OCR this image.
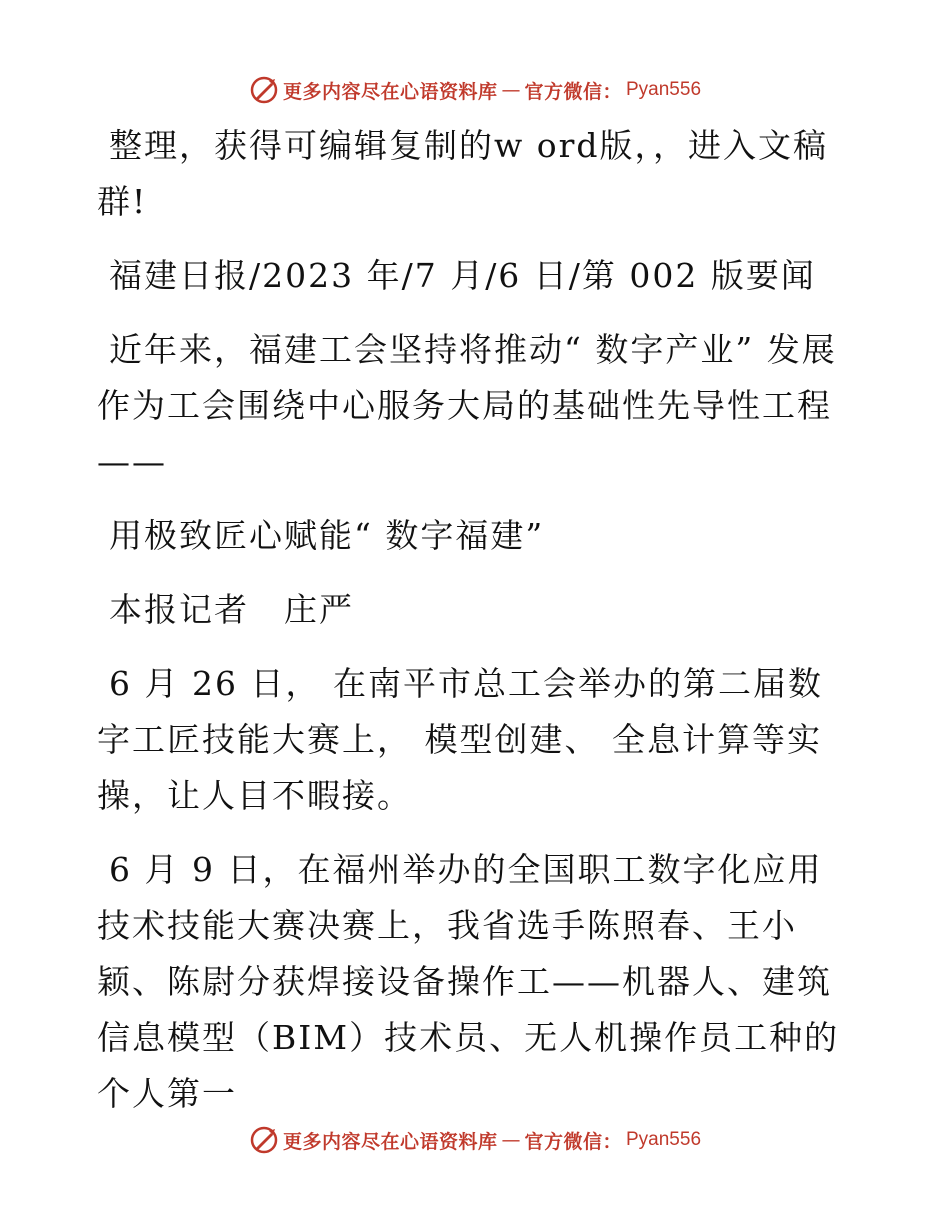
更多内容尽在心语资料库 — 官方微信： Pyan556

整理，获得可编辑复制的w ord版，，进入文稿群!

福建日报/2023 年/7 月/6 日/第 002 版要闻

近年来，福建工会坚持将推动“ 数字产业” 发展作为工会围绕中心服务大局的基础性先导性工程——

用极致匠心赋能“ 数字福建”

本报记者　庄严

6 月 26 日， 在南平市总工会举办的第二届数字工匠技能大赛上， 模型创建、 全息计算等实操，让人目不暇接。

6 月 9 日，在福州举办的全国职工数字化应用技术技能大赛决赛上，我省选手陈照春、王小颖、陈尉分获焊接设备操作工——机器人、建筑信息模型（BIM）技术员、无人机操作员工种的个人第一

更多内容尽在心语资料库 — 官方微信： Pyan556
